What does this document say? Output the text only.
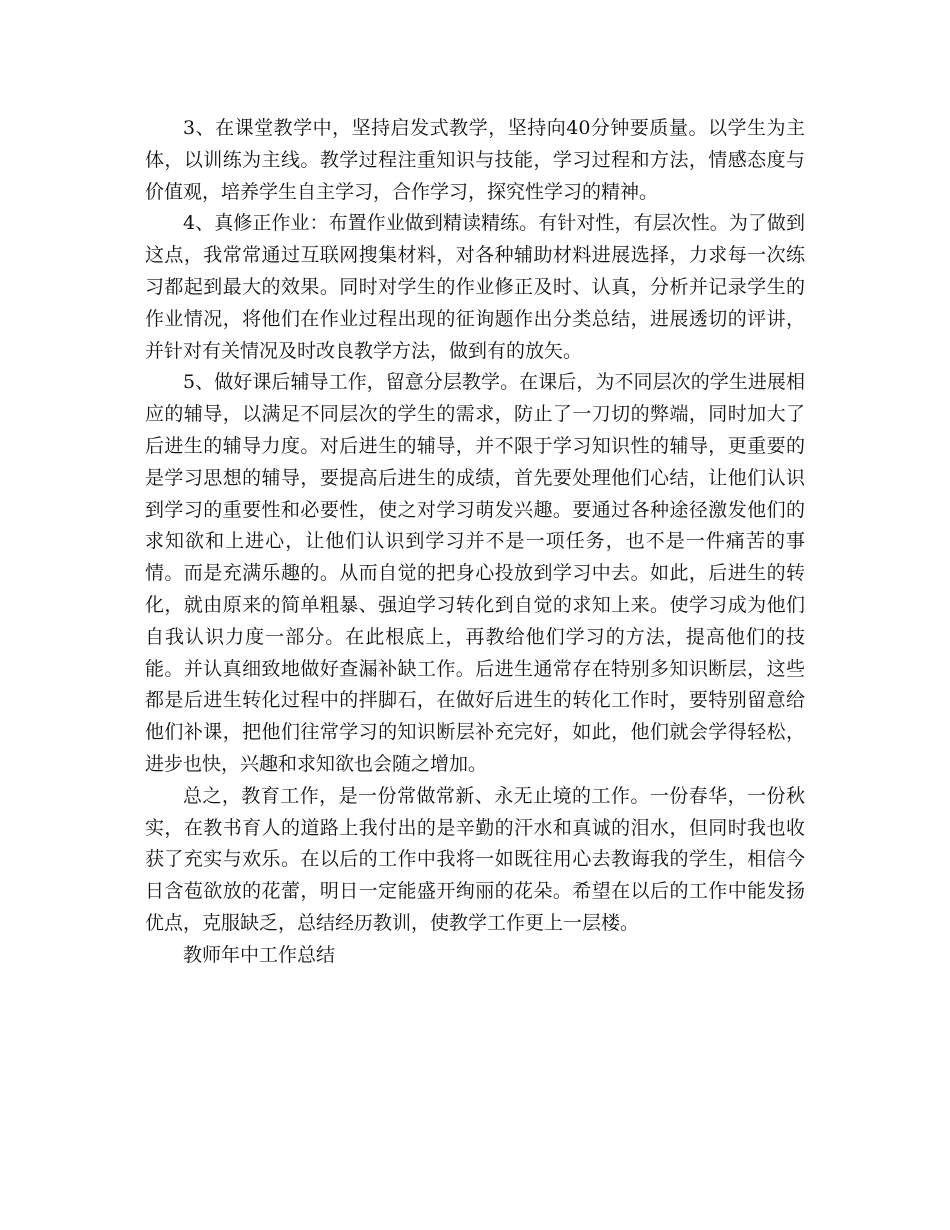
3、在课堂教学中，坚持启发式教学，坚持向40分钟要质量。以学生为主体，以训练为主线。教学过程注重知识与技能，学习过程和方法，情感态度与价值观，培养学生自主学习，合作学习，探究性学习的精神。

4、真修正作业：布置作业做到精读精练。有针对性，有层次性。为了做到这点，我常常通过互联网搜集材料，对各种辅助材料进展选择，力求每一次练习都起到最大的效果。同时对学生的作业修正及时、认真，分析并记录学生的作业情况，将他们在作业过程出现的征询题作出分类总结，进展透切的评讲，并针对有关情况及时改良教学方法，做到有的放矢。

5、做好课后辅导工作，留意分层教学。在课后，为不同层次的学生进展相应的辅导，以满足不同层次的学生的需求，防止了一刀切的弊端，同时加大了后进生的辅导力度。对后进生的辅导，并不限于学习知识性的辅导，更重要的是学习思想的辅导，要提高后进生的成绩，首先要处理他们心结，让他们认识到学习的重要性和必要性，使之对学习萌发兴趣。要通过各种途径激发他们的求知欲和上进心，让他们认识到学习并不是一项任务，也不是一件痛苦的事情。而是充满乐趣的。从而自觉的把身心投放到学习中去。如此，后进生的转化，就由原来的简单粗暴、强迫学习转化到自觉的求知上来。使学习成为他们自我认识力度一部分。在此根底上，再教给他们学习的方法，提高他们的技能。并认真细致地做好查漏补缺工作。后进生通常存在特别多知识断层，这些都是后进生转化过程中的拌脚石，在做好后进生的转化工作时，要特别留意给他们补课，把他们往常学习的知识断层补充完好，如此，他们就会学得轻松，进步也快，兴趣和求知欲也会随之增加。

总之，教育工作，是一份常做常新、永无止境的工作。一份春华，一份秋实，在教书育人的道路上我付出的是辛勤的汗水和真诚的泪水，但同时我也收获了充实与欢乐。在以后的工作中我将一如既往用心去教诲我的学生，相信今日含苞欲放的花蕾，明日一定能盛开绚丽的花朵。希望在以后的工作中能发扬优点，克服缺乏，总结经历教训，使教学工作更上一层楼。

教师年中工作总结
